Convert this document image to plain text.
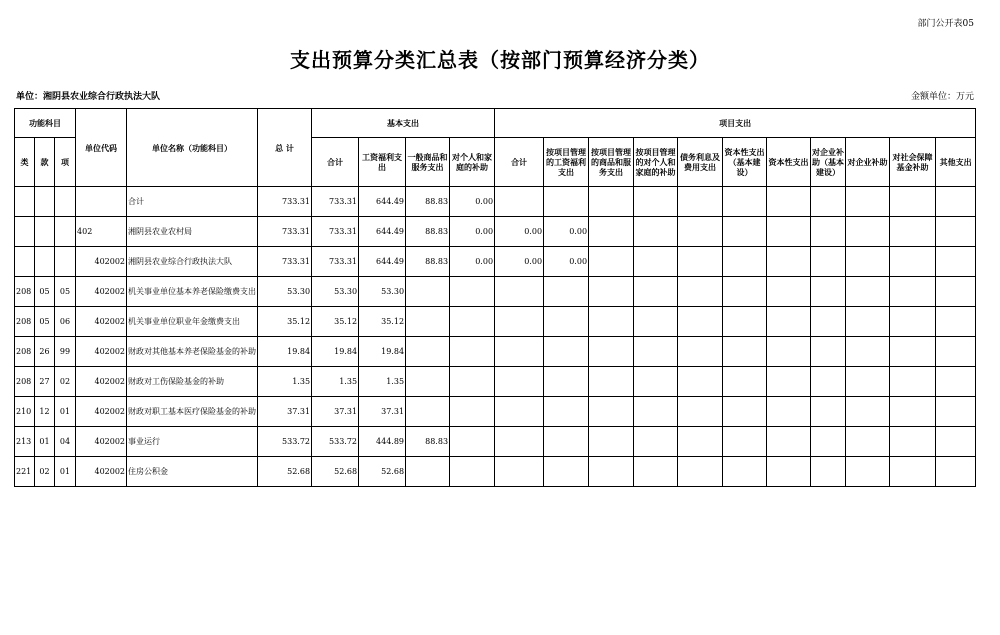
部门公开表05
支出预算分类汇总表（按部门预算经济分类）
单位：湘阴县农业综合行政执法大队	金额单位：万元
功能科目			单位代码	单位名称（功能科目）	总 计	基本支出				项目支出										
类	款	项				合计	工资福利支出	一般商品和服务支出	对个人和家庭的补助	合计	按项目管理的工资福利支出	按项目管理的商品和服务支出	按项目管理的对个人和家庭的补助	债务利息及费用支出	资本性支出（基本建设）	资本性支出	对企业补助（基本建设）	对企业补助	对社会保障基金补助	其他支出
				合计	733.31	733.31	644.49	88.83	0.00											
			402	湘阴县农业农村局	733.31	733.31	644.49	88.83	0.00	0.00	0.00									
			402002	湘阴县农业综合行政执法大队	733.31	733.31	644.49	88.83	0.00	0.00	0.00									
208	05	05	402002	机关事业单位基本养老保险缴费支出	53.30	53.30	53.30													
208	05	06	402002	机关事业单位职业年金缴费支出	35.12	35.12	35.12													
208	26	99	402002	财政对其他基本养老保险基金的补助	19.84	19.84	19.84													
208	27	02	402002	财政对工伤保险基金的补助	1.35	1.35	1.35													
210	12	01	402002	财政对职工基本医疗保险基金的补助	37.31	37.31	37.31													
213	01	04	402002	事业运行	533.72	533.72	444.89	88.83												
221	02	01	402002	住房公积金	52.68	52.68	52.68													
